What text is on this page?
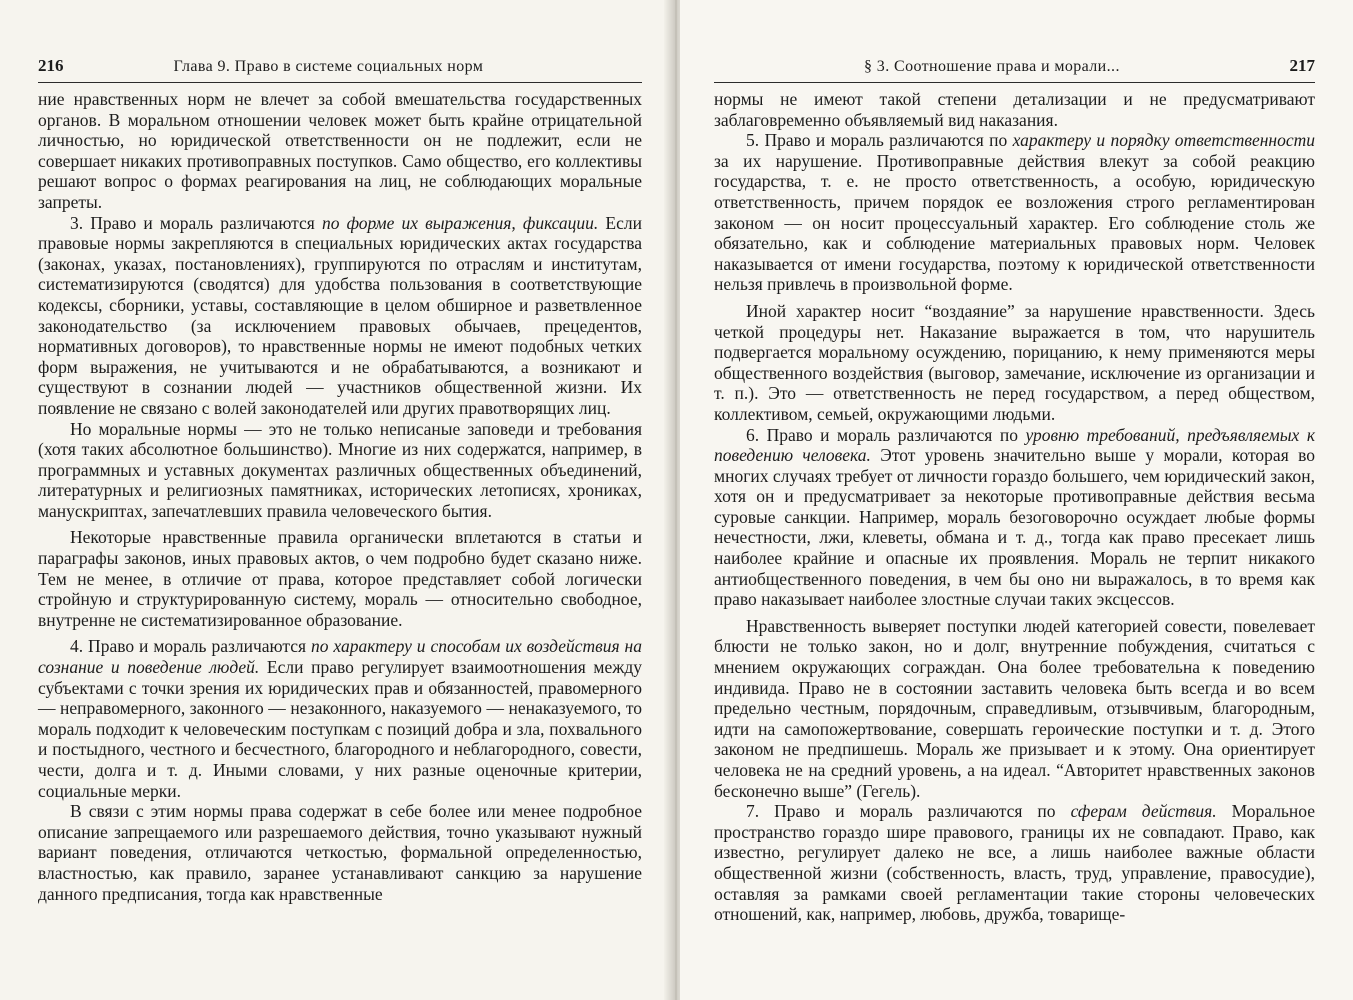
216	Глава 9. Право в системе социальных норм

ние нравственных норм не влечет за собой вмешательства государственных органов. В моральном отношении человек может быть крайне отрицательной личностью, но юридической ответственности он не подлежит, если не совершает никаких противоправных поступков. Само общество, его коллективы решают вопрос о формах реагирования на лиц, не соблюдающих моральные запреты.

3. Право и мораль различаются по форме их выражения, фиксации. Если правовые нормы закрепляются в специальных юридических актах государства (законах, указах, постановлениях), группируются по отраслям и институтам, систематизируются (сводятся) для удобства пользования в соответствующие кодексы, сборники, уставы, составляющие в целом обширное и разветвленное законодательство (за исключением правовых обычаев, прецедентов, нормативных договоров), то нравственные нормы не имеют подобных четких форм выражения, не учитываются и не обрабатываются, а возникают и существуют в сознании людей — участников общественной жизни. Их появление не связано с волей законодателей или других правотворящих лиц.

Но моральные нормы — это не только неписаные заповеди и требования (хотя таких абсолютное большинство). Многие из них содержатся, например, в программных и уставных документах различных общественных объединений, литературных и религиозных памятниках, исторических летописях, хрониках, манускриптах, запечатлевших правила человеческого бытия.

Некоторые нравственные правила органически вплетаются в статьи и параграфы законов, иных правовых актов, о чем подробно будет сказано ниже. Тем не менее, в отличие от права, которое представляет собой логически стройную и структурированную систему, мораль — относительно свободное, внутренне не систематизированное образование.

4. Право и мораль различаются по характеру и способам их воздействия на сознание и поведение людей. Если право регулирует взаимоотношения между субъектами с точки зрения их юридических прав и обязанностей, правомерного — неправомерного, законного — незаконного, наказуемого — ненаказуемого, то мораль подходит к человеческим поступкам с позиций добра и зла, похвального и постыдного, честного и бесчестного, благородного и неблагородного, совести, чести, долга и т. д. Иными словами, у них разные оценочные критерии, социальные мерки.

В связи с этим нормы права содержат в себе более или менее подробное описание запрещаемого или разрешаемого действия, точно указывают нужный вариант поведения, отличаются четкостью, формальной определенностью, властностью, как правило, заранее устанавливают санкцию за нарушение данного предписания, тогда как нравственные

§ 3. Соотношение права и морали...	217

нормы не имеют такой степени детализации и не предусматривают заблаговременно объявляемый вид наказания.

5. Право и мораль различаются по характеру и порядку ответственности за их нарушение. Противоправные действия влекут за собой реакцию государства, т. е. не просто ответственность, а особую, юридическую ответственность, причем порядок ее возложения строго регламентирован законом — он носит процессуальный характер. Его соблюдение столь же обязательно, как и соблюдение материальных правовых норм. Человек наказывается от имени государства, поэтому к юридической ответственности нельзя привлечь в произвольной форме.

Иной характер носит “воздаяние” за нарушение нравственности. Здесь четкой процедуры нет. Наказание выражается в том, что нарушитель подвергается моральному осуждению, порицанию, к нему применяются меры общественного воздействия (выговор, замечание, исключение из организации и т. п.). Это — ответственность не перед государством, а перед обществом, коллективом, семьей, окружающими людьми.

6. Право и мораль различаются по уровню требований, предъявляемых к поведению человека. Этот уровень значительно выше у морали, которая во многих случаях требует от личности гораздо большего, чем юридический закон, хотя он и предусматривает за некоторые противоправные действия весьма суровые санкции. Например, мораль безоговорочно осуждает любые формы нечестности, лжи, клеветы, обмана и т. д., тогда как право пресекает лишь наиболее крайние и опасные их проявления. Мораль не терпит никакого антиобщественного поведения, в чем бы оно ни выражалось, в то время как право наказывает наиболее злостные случаи таких эксцессов.

Нравственность выверяет поступки людей категорией совести, повелевает блюсти не только закон, но и долг, внутренние побуждения, считаться с мнением окружающих сограждан. Она более требовательна к поведению индивида. Право не в состоянии заставить человека быть всегда и во всем предельно честным, порядочным, справедливым, отзывчивым, благородным, идти на самопожертвование, совершать героические поступки и т. д. Этого законом не предпишешь. Мораль же призывает и к этому. Она ориентирует человека не на средний уровень, а на идеал. “Авторитет нравственных законов бесконечно выше” (Гегель).

7. Право и мораль различаются по сферам действия. Моральное пространство гораздо шире правового, границы их не совпадают. Право, как известно, регулирует далеко не все, а лишь наиболее важные области общественной жизни (собственность, власть, труд, управление, правосудие), оставляя за рамками своей регламентации такие стороны человеческих отношений, как, например, любовь, дружба, товарище-
